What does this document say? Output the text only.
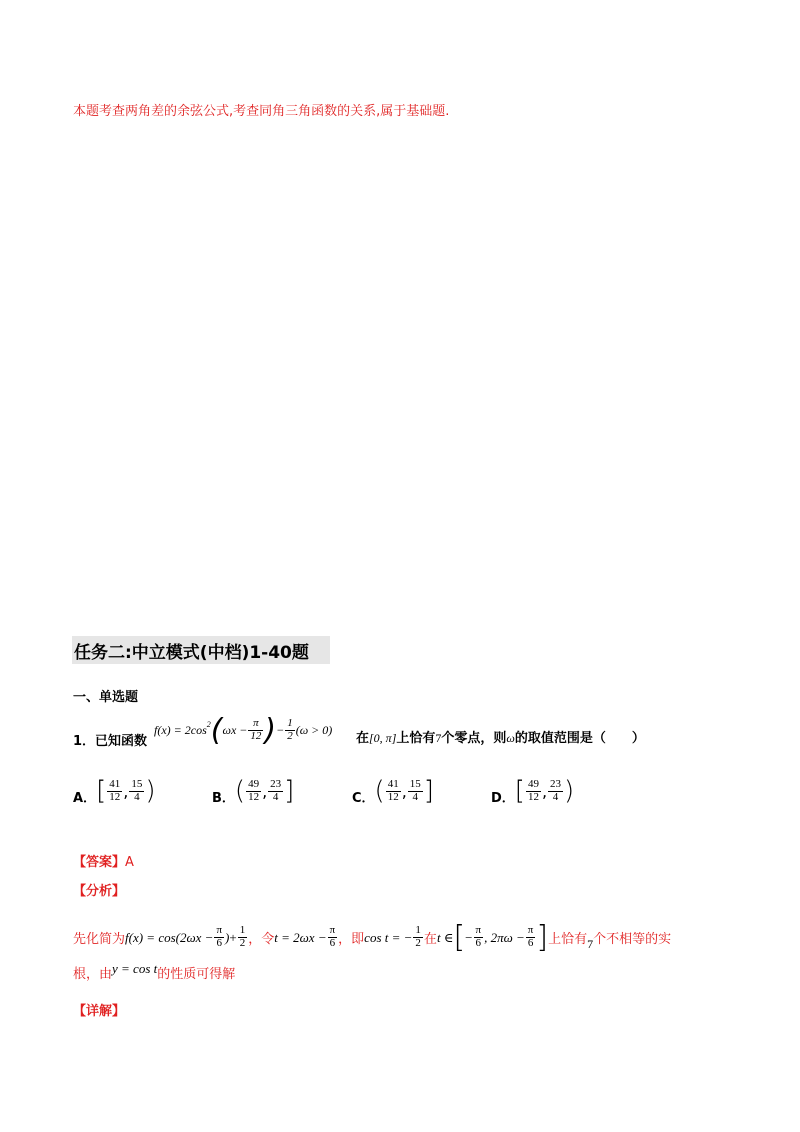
本题考查两角差的余弦公式,考查同角三角函数的关系,属于基础题.
任务二:中立模式(中档)1-40题
一、单选题
1．已知函数
$f(x) = 2\cos^2$ ( $\omega x - \frac{\pi}{12}$ ) − $\frac{1}{2} (\omega > 0)$
在[0, π]上恰有7个零点，则ω的取值范围是（　　）
A． [ $\frac{41}{12}$ , $\frac{15}{4}$ )	B． ( $\frac{49}{12}$ , $\frac{23}{4}$ ]	C． ( $\frac{41}{12}$ , $\frac{15}{4}$ ]	D． [ $\frac{49}{12}$ , $\frac{23}{4}$ )
【答案】A
【分析】
先化简为 $f(x) = \cos(2\omega x - \frac{\pi}{6}$ ) + $\frac{1}{2}$ ，令 $t = 2\omega x - \frac{\pi}{6}$ ，即 cos t = − $\frac{1}{2}$ 在 t ∈ [ − $\frac{\pi}{6}$ , $2\pi\omega - \frac{\pi}{6}$ ] 上恰有 7 个不相等的实
根，由y = cos t的性质可得解
【详解】
